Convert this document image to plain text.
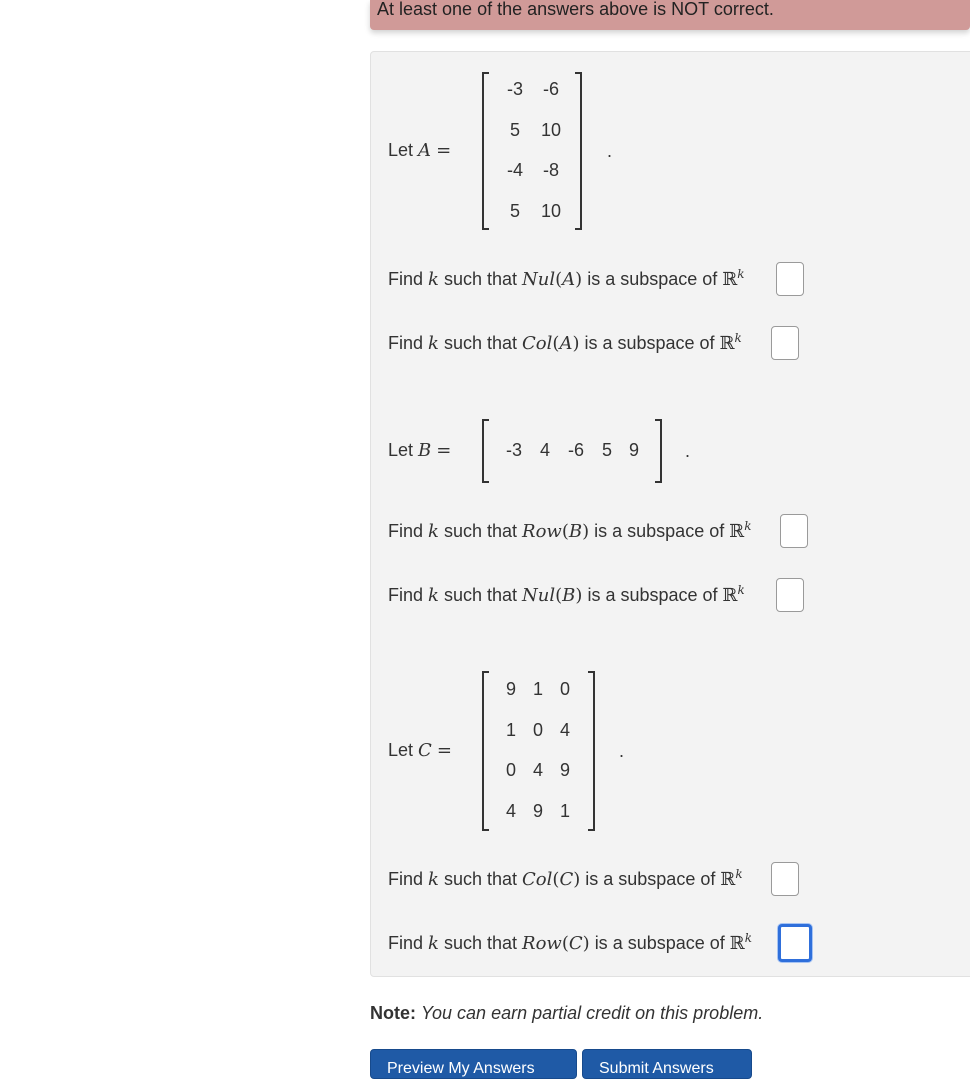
At least one of the answers above is NOT correct.
Let A =
-3	-6
5	10
-4	-8
5	10
.
Find k such that Nul(A) is a subspace of ℝ$^k$
Find k such that Col(A) is a subspace of ℝ$^k$
Let B =	-3 4 -6 5 9	.
Find k such that Row(B) is a subspace of ℝ$^k$
Find k such that Nul(B) is a subspace of ℝ$^k$
Let C =
9 1 0
1 0 4
0 4 9
4 9 1
.
Find k such that Col(C) is a subspace of ℝ$^k$
Find k such that Row(C) is a subspace of ℝ$^k$
Note: You can earn partial credit on this problem.
Preview My Answers	Submit Answers
